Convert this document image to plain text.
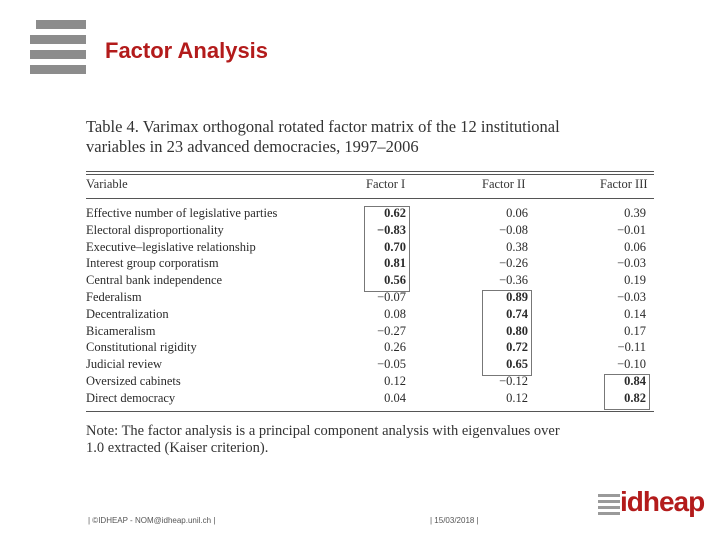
Factor Analysis
Table 4. Varimax orthogonal rotated factor matrix of the 12 institutional
variables in 23 advanced democracies, 1997–2006
Variable	Factor I	Factor II	Factor III
Effective number of legislative parties	0.62	0.06	0.39
Electoral disproportionality	−0.83	−0.08	−0.01
Executive–legislative relationship	0.70	0.38	0.06
Interest group corporatism	0.81	−0.26	−0.03
Central bank independence	0.56	−0.36	0.19
Federalism	−0.07	0.89	−0.03
Decentralization	0.08	0.74	0.14
Bicameralism	−0.27	0.80	0.17
Constitutional rigidity	0.26	0.72	−0.11
Judicial review	−0.05	0.65	−0.10
Oversized cabinets	0.12	−0.12	0.84
Direct democracy	0.04	0.12	0.82
Note: The factor analysis is a principal component analysis with eigenvalues over
1.0 extracted (Kaiser criterion).
| ©IDHEAP - NOM@idheap.unil.ch |	| 15/03/2018 |
idheap
